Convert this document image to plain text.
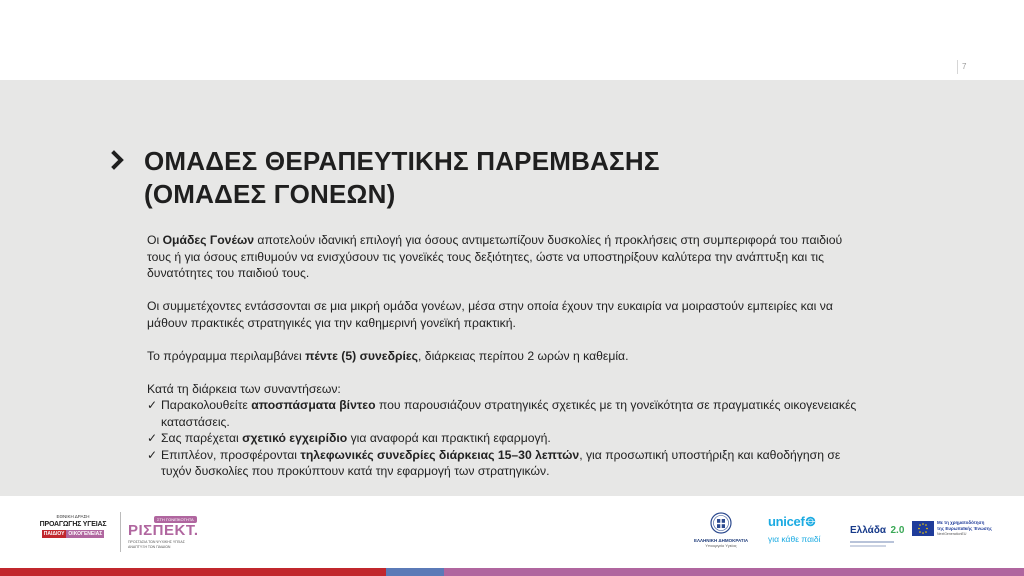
7
ΟΜΑΔΕΣ ΘΕΡΑΠΕΥΤΙΚΗΣ ΠΑΡΕΜΒΑΣΗΣ
(ΟΜΑΔΕΣ ΓΟΝΕΩΝ)

Οι Ομάδες Γονέων αποτελούν ιδανική επιλογή για όσους αντιμετωπίζουν δυσκολίες ή προκλήσεις στη συμπεριφορά του παιδιού τους ή για όσους επιθυμούν να ενισχύσουν τις γονεϊκές τους δεξιότητες, ώστε να υποστηρίξουν καλύτερα την ανάπτυξη και τις δυνατότητες του παιδιού τους.

Οι συμμετέχοντες εντάσσονται σε μια μικρή ομάδα γονέων, μέσα στην οποία έχουν την ευκαιρία να μοιραστούν εμπειρίες και να μάθουν πρακτικές στρατηγικές για την καθημερινή γονεϊκή πρακτική.

Το πρόγραμμα περιλαμβάνει πέντε (5) συνεδρίες, διάρκειας περίπου 2 ωρών η καθεμία.

Κατά τη διάρκεια των συναντήσεων:

✓ Παρακολουθείτε αποσπάσματα βίντεο που παρουσιάζουν στρατηγικές σχετικές με τη γονεϊκότητα σε πραγματικές οικογενειακές καταστάσεις.
✓ Σας παρέχεται σχετικό εγχειρίδιο για αναφορά και πρακτική εφαρμογή.
✓ Επιπλέον, προσφέρονται τηλεφωνικές συνεδρίες διάρκειας 15–30 λεπτών, για προσωπική υποστήριξη και καθοδήγηση σε τυχόν δυσκολίες που προκύπτουν κατά την εφαρμογή των στρατηγικών.
ΕΘΝΙΚΗ ΔΡΑΣΗ
ΠΡΟΑΓΩΓΗΣ ΥΓΕΙΑΣ
ΠΑΙΔΙΟΥ ΟΙΚΟΓΕΝΕΙΑΣ
ΣΤΗ ΓΟΝΕΪΚΟΤΗΤΑ
ΡΙΣΠΕΚΤ.
ΠΡΟΣΤΑΣΙΑ ΤΩΝ ΨΥΧΙΚΗΣ ΥΓΕΙΑΣ
ΑΝΑΠΤΥΞΗ ΤΩΝ ΠΑΙΔΙΩΝ
ΕΛΛΗΝΙΚΗ ΔΗΜΟΚΡΑΤΙΑ
Υπουργείο Υγείας
unicef
για κάθε παιδί
Ελλάδα 2.0
Με τη χρηματοδότηση
της Ευρωπαϊκής Ένωσης
NextGenerationEU
